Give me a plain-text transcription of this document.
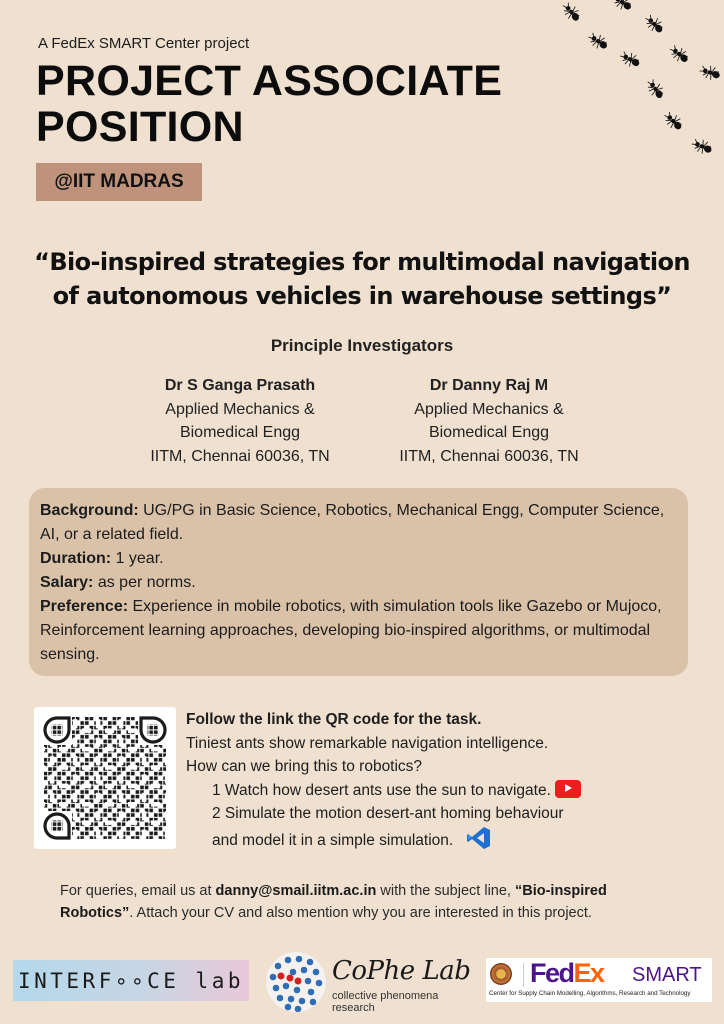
A FedEx SMART Center project
PROJECT ASSOCIATE
POSITION
@IIT MADRAS
“Bio-inspired strategies for multimodal navigation
of autonomous vehicles in warehouse settings”
Principle Investigators
Dr S Ganga Prasath
Applied Mechanics &
Biomedical Engg
IITM, Chennai 60036, TN
Dr Danny Raj M
Applied Mechanics &
Biomedical Engg
IITM, Chennai 60036, TN
Background: UG/PG in Basic Science, Robotics, Mechanical Engg, Computer Science, AI, or a related field.
Duration: 1 year.
Salary: as per norms.
Preference: Experience in mobile robotics, with simulation tools like Gazebo or Mujoco, Reinforcement learning approaches, developing bio-inspired algorithms, or multimodal sensing.
Follow the link the QR code for the task.
Tiniest ants show remarkable navigation intelligence.
How can we bring this to robotics?
1 Watch how desert ants use the sun to navigate.
2 Simulate the motion desert-ant homing behaviour
and model it in a simple simulation.
For queries, email us at danny@smail.iitm.ac.in with the subject line, “Bio-inspired Robotics”. Attach your CV and also mention why you are interested in this project.
INTERF∘∘CE lab	CoPhe Lab
collective phenomena research
FedEx SMART
Center for Supply Chain Modelling, Algorithms, Research and Technology
